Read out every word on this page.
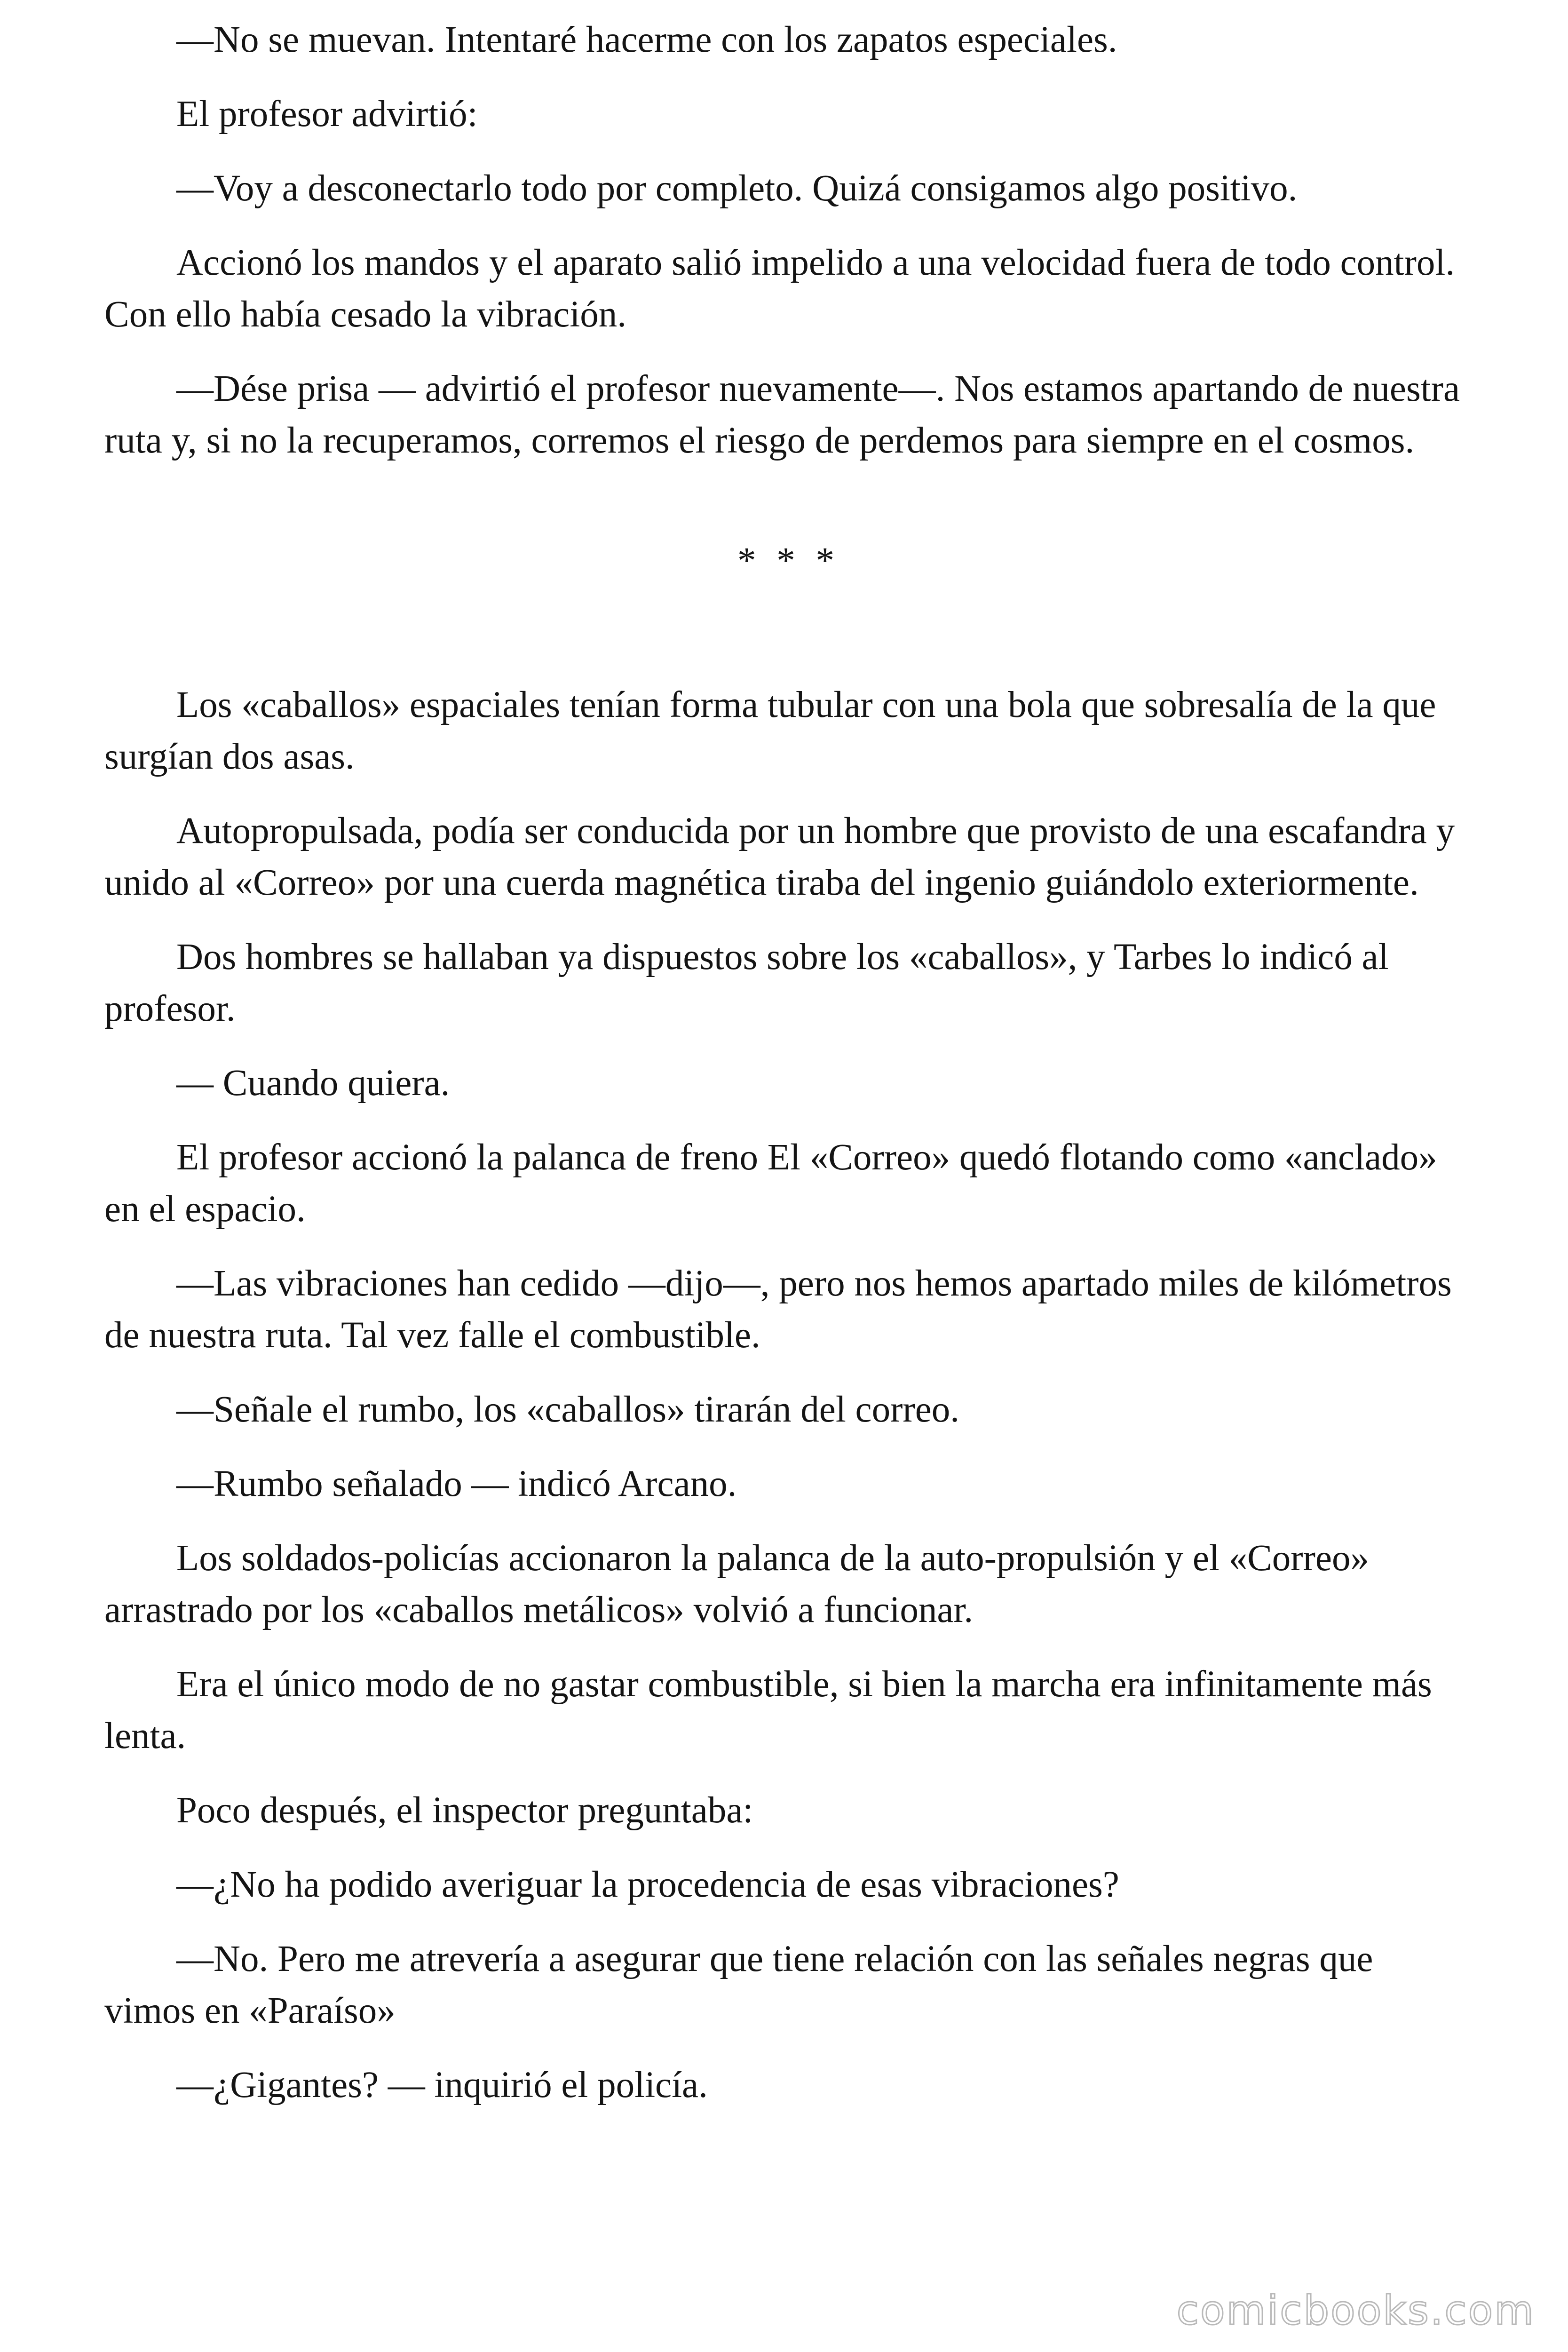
—No se muevan. Intentaré hacerme con los zapatos especiales.

El profesor advirtió:

—Voy a desconectarlo todo por completo. Quizá consigamos algo positivo.

Accionó los mandos y el aparato salió impelido a una velocidad fuera de todo control. Con ello había cesado la vibración.

—Dése prisa — advirtió el profesor nuevamente—. Nos estamos apartando de nuestra ruta y, si no la recuperamos, corremos el riesgo de perdemos para siempre en el cosmos.

* * *

Los «caballos» espaciales tenían forma tubular con una bola que sobresalía de la que surgían dos asas.

Autopropulsada, podía ser conducida por un hombre que provisto de una escafandra y unido al «Correo» por una cuerda magnética tiraba del ingenio guiándolo exteriormente.

Dos hombres se hallaban ya dispuestos sobre los «caballos», y Tarbes lo indicó al profesor.

— Cuando quiera.

El profesor accionó la palanca de freno El «Correo» quedó flotando como «anclado» en el espacio.

—Las vibraciones han cedido —dijo—, pero nos hemos apartado miles de kilómetros de nuestra ruta. Tal vez falle el combustible.

—Señale el rumbo, los «caballos» tirarán del correo.

—Rumbo señalado — indicó Arcano.

Los soldados-policías accionaron la palanca de la auto-propulsión y el «Correo» arrastrado por los «caballos metálicos» volvió a funcionar.

Era el único modo de no gastar combustible, si bien la marcha era infinitamente más lenta.

Poco después, el inspector preguntaba:

—¿No ha podido averiguar la procedencia de esas vibraciones?

—No. Pero me atrevería a asegurar que tiene relación con las señales negras que vimos en «Paraíso»

—¿Gigantes? — inquirió el policía.

comicbooks.com
